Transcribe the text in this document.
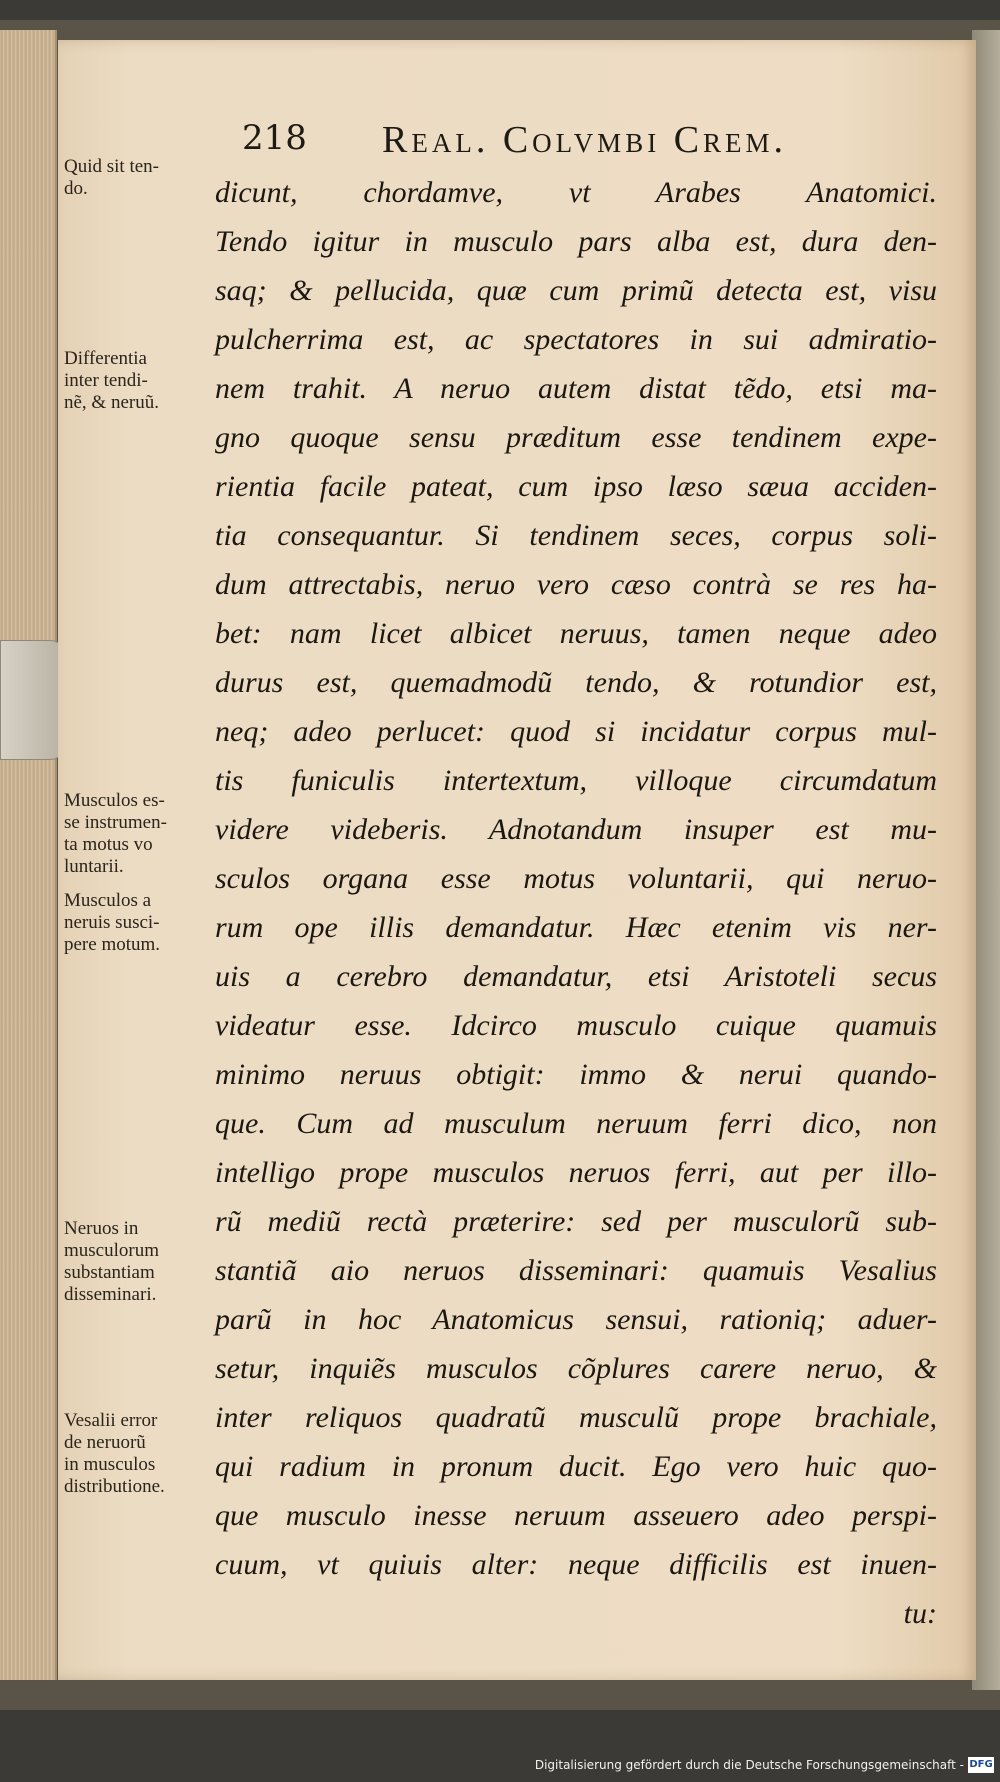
218 Real. Colvmbi Crem.
dicunt, chordamve, vt Arabes Anatomici.
Tendo igitur in musculo pars alba est, dura den-
saq; & pellucida, quæ cum primũ detecta est, visu
pulcherrima est, ac spectatores in sui admiratio-
nem trahit. A neruo autem distat tẽdo, etsi ma-
gno quoque sensu præditum esse tendinem expe-
rientia facile pateat, cum ipso læso sæua acciden-
tia consequantur. Si tendinem seces, corpus soli-
dum attrectabis, neruo vero cæso contrà se res ha-
bet: nam licet albicet neruus, tamen neque adeo
durus est, quemadmodũ tendo, & rotundior est,
neq; adeo perlucet: quod si incidatur corpus mul-
tis funiculis intertextum, villoque circumdatum
videre videberis. Adnotandum insuper est mu-
sculos organa esse motus voluntarii, qui neruo-
rum ope illis demandatur. Hæc etenim vis ner-
uis a cerebro demandatur, etsi Aristoteli secus
videatur esse. Idcirco musculo cuique quamuis
minimo neruus obtigit: immo & nerui quando-
que. Cum ad musculum neruum ferri dico, non
intelligo prope musculos neruos ferri, aut per illo-
rũ mediũ rectà præterire: sed per musculorũ sub-
stantiã aio neruos disseminari: quamuis Vesalius
parũ in hoc Anatomicus sensui, rationiq; aduer-
setur, inquiẽs musculos cõplures carere neruo, &
inter reliquos quadratũ musculũ prope brachiale,
qui radium in pronum ducit. Ego vero huic quo-
que musculo inesse neruum asseuero adeo perspi-
cuum, vt quiuis alter: neque difficilis est inuen-
tu:
Quid sit ten-
do.
Differentia
inter tendi-
nẽ, & neruũ.
Musculos es-
se instrumen-
ta motus vo
luntarii.
Musculos a
neruis susci-
pere motum.
Neruos in
musculorum
substantiam
disseminari.
Vesalii error
de neruorũ
in musculos
distributione.
Digitalisierung gefördert durch die Deutsche Forschungsgemeinschaft - DFG
